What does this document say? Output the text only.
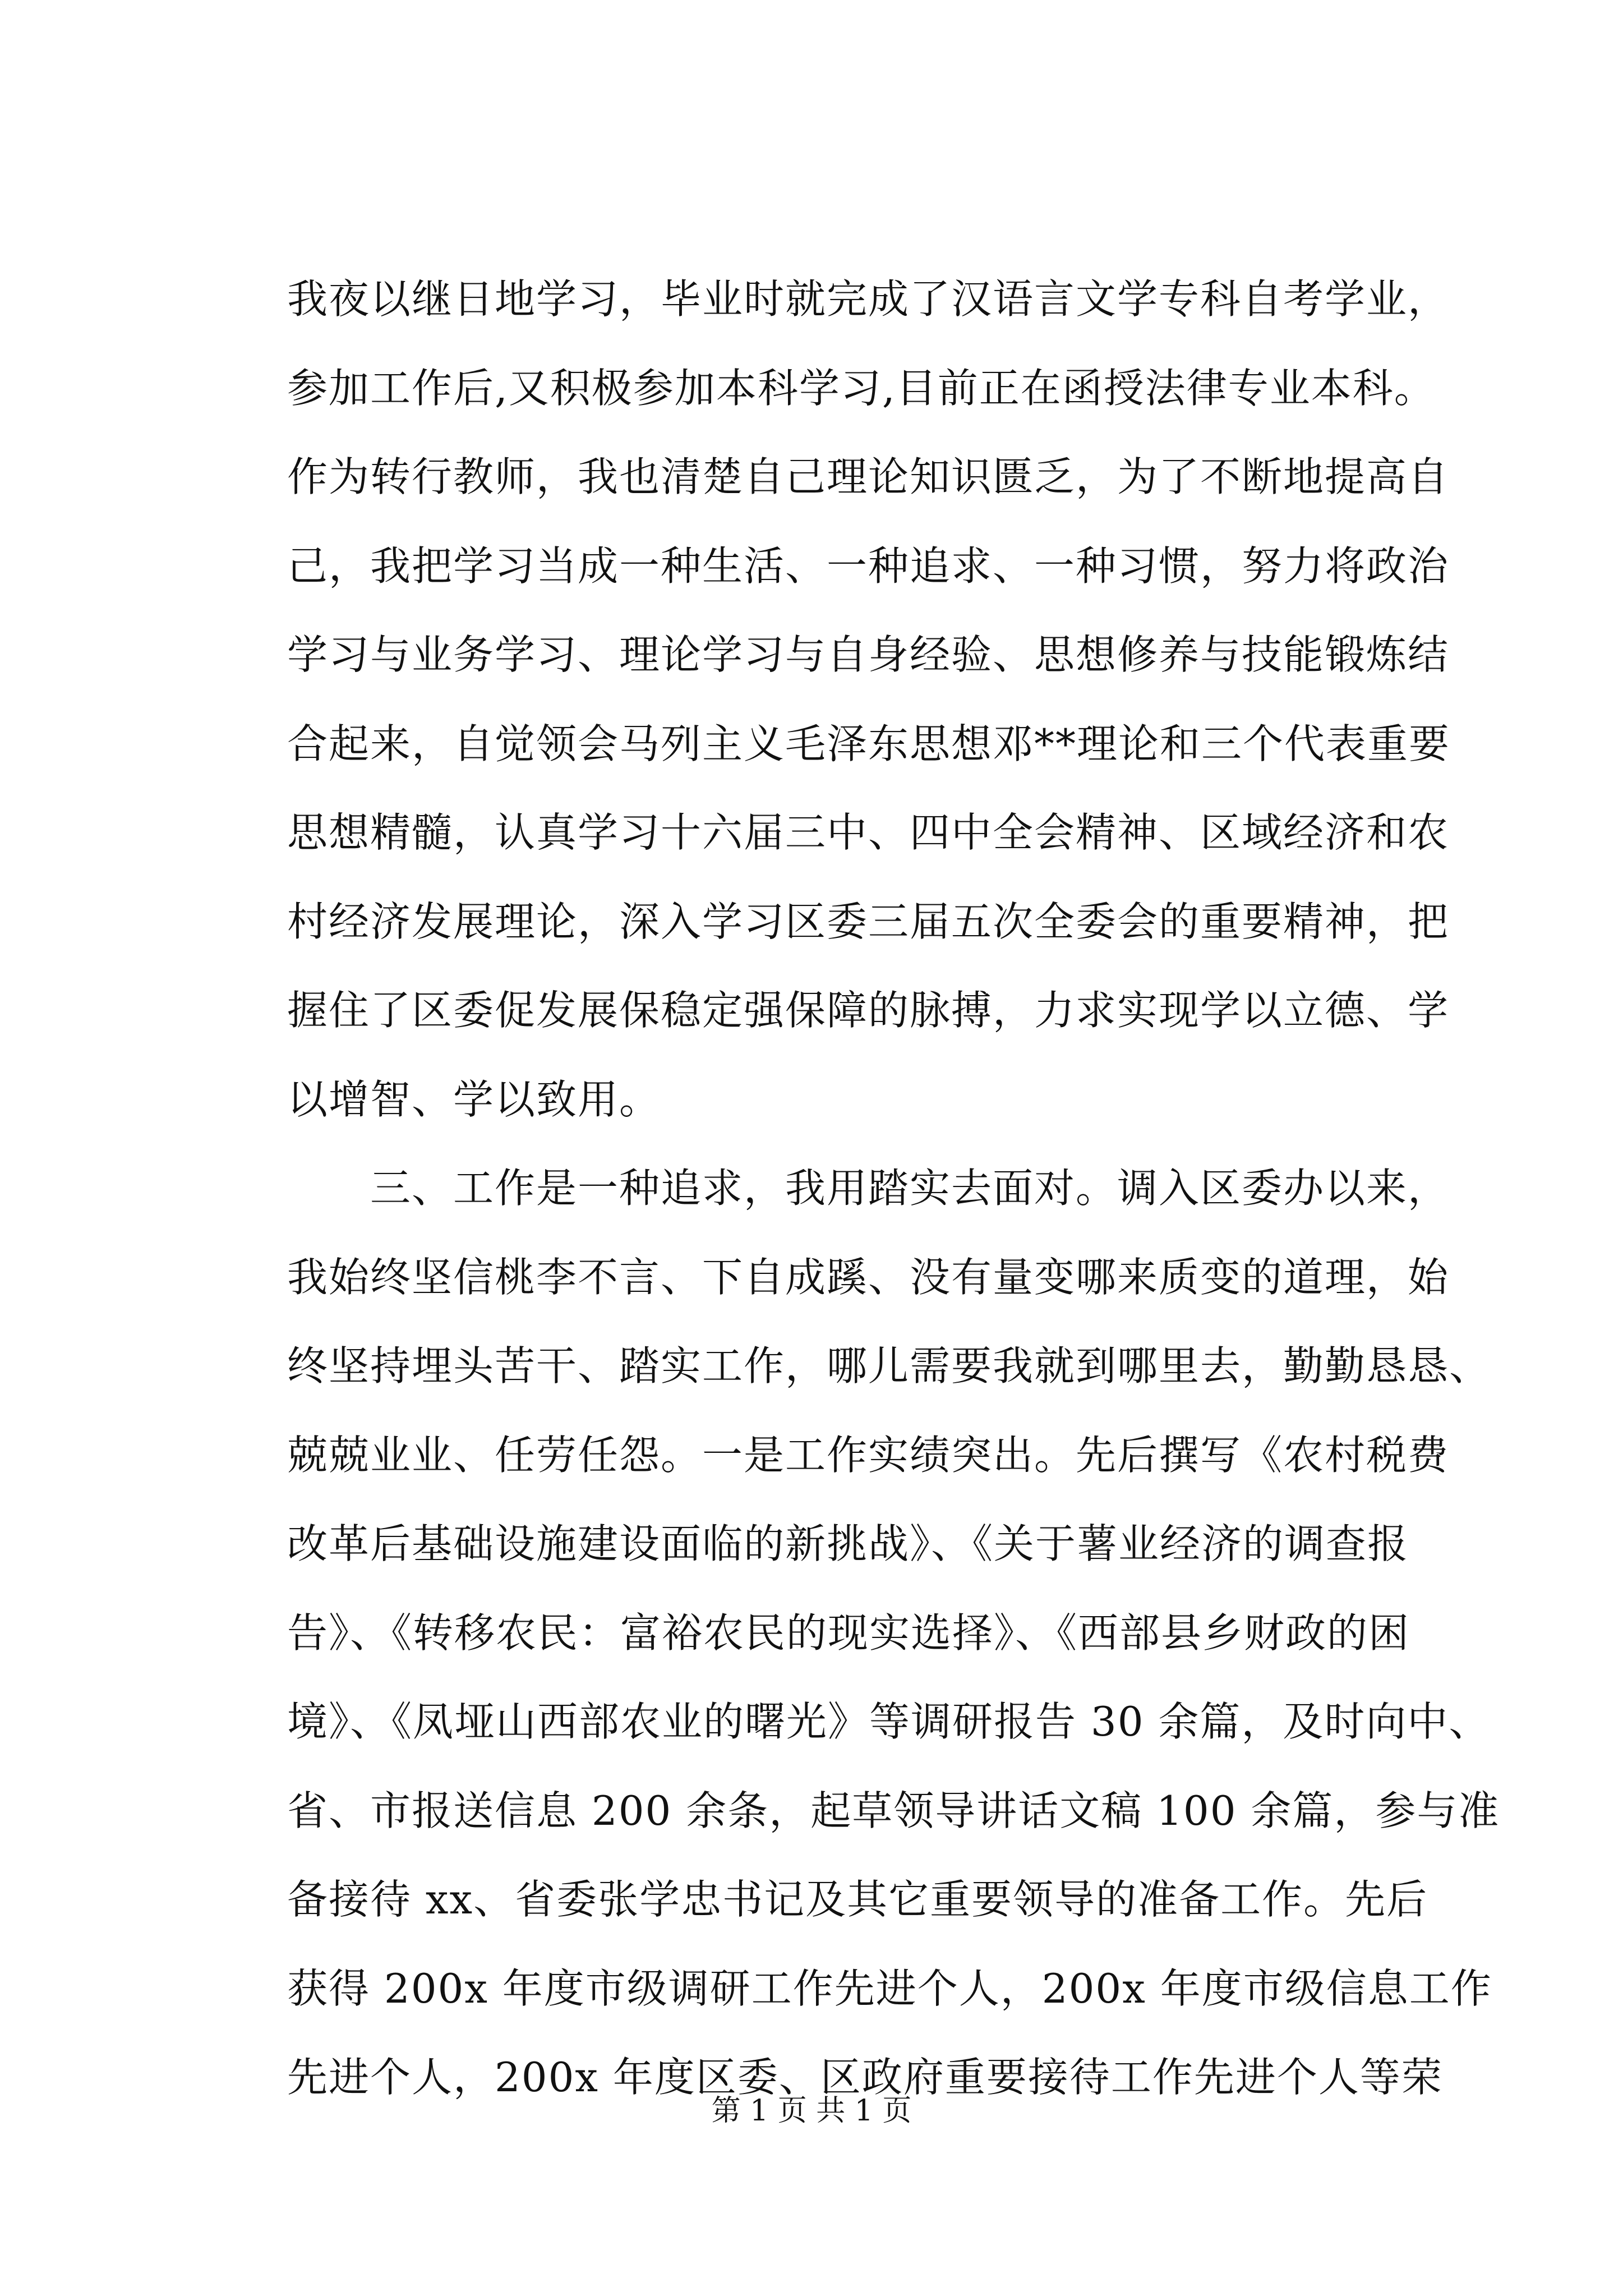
我夜以继日地学习，毕业时就完成了汉语言文学专科自考学业，
参加工作后,又积极参加本科学习,目前正在函授法律专业本科。
作为转行教师，我也清楚自己理论知识匮乏，为了不断地提高自
己，我把学习当成一种生活、一种追求、一种习惯，努力将政治
学习与业务学习、理论学习与自身经验、思想修养与技能锻炼结
合起来，自觉领会马列主义毛泽东思想邓**理论和三个代表重要
思想精髓，认真学习十六届三中、四中全会精神、区域经济和农
村经济发展理论，深入学习区委三届五次全委会的重要精神，把
握住了区委促发展保稳定强保障的脉搏，力求实现学以立德、学
以增智、学以致用。
　　三、工作是一种追求，我用踏实去面对。调入区委办以来，
我始终坚信桃李不言、下自成蹊、没有量变哪来质变的道理，始
终坚持埋头苦干、踏实工作，哪儿需要我就到哪里去，勤勤恳恳、
兢兢业业、任劳任怨。一是工作实绩突出。先后撰写《农村税费
改革后基础设施建设面临的新挑战》、《关于薯业经济的调查报
告》、《转移农民：富裕农民的现实选择》、《西部县乡财政的困
境》、《凤垭山西部农业的曙光》等调研报告 30 余篇，及时向中、
省、市报送信息 200 余条，起草领导讲话文稿 100 余篇，参与准
备接待 xx、省委张学忠书记及其它重要领导的准备工作。先后
获得 200x 年度市级调研工作先进个人，200x 年度市级信息工作
先进个人，200x 年度区委、区政府重要接待工作先进个人等荣
第 1 页 共 1 页
